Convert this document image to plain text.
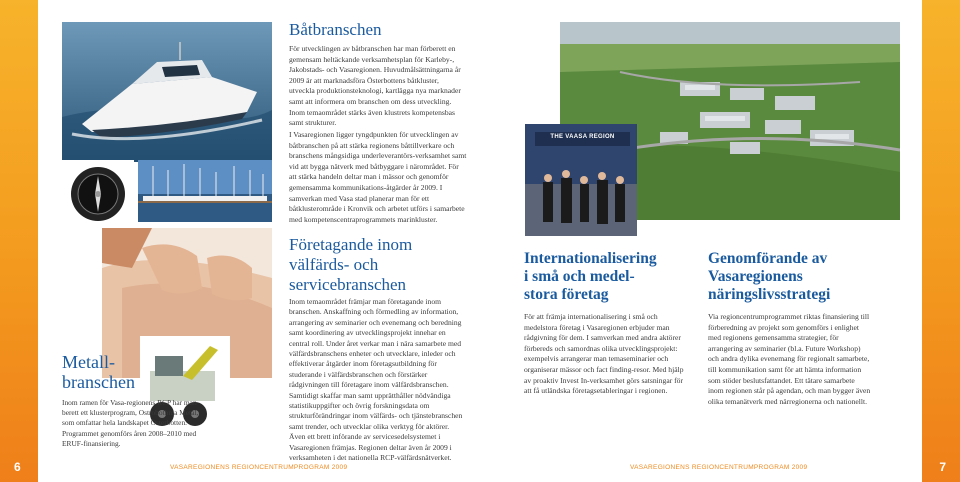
6	7
THE VAASA REGION
Båtbranschen

För utvecklingen av båtbranschen har man förberett en gemensam heltäckande verksamhetsplan för Karleby-, Jakobstads- och Vasaregionen. Huvudmålsättningarna år 2009 är att marknadsföra Österbottens båtkluster, utveckla produktionsteknologi, kartlägga nya marknader samt att informera om branschen om dess utveckling. Inom temaområdet stärks även klustrets kompetensbas samt strukturer.

I Vasaregionen ligger tyngdpunkten för utvecklingen av båtbranschen på att stärka regionens båttillverkare och branschens mångsidiga underleverantörs-verksamhet samt vid att bygga nätverk med båtbyggare i närområdet. För att stärka handeln deltar man i mässor och genomför gemensamma kommunikations-åtgärder år 2009. I samverkan med Vasa stad planerar man för ett båtklusterområde i Kronvik och arbetet utförs i samarbete med kompetenscentraprogrammets marinkluster.

Metall-
branschen

Inom ramen för Vasa-regionens RCP har man berett ett klusterprogram, Ostrobothnia Metal, som omfattar hela landskapet Österbotten. Programmet genomförs åren 2008–2010 med ERUF-finansiering.

Företagande inom
välfärds- och
servicebranschen

Inom temaområdet främjar man företagande inom branschen. Anskaffning och förmedling av information, arrangering av seminarier och evenemang och beredning samt koordinering av utvecklingsprojekt innehar en central roll. Under året verkar man i nära samarbete med välfärdsbranschens enheter och utvecklare, inleder och effektiverar åtgärder inom företagsutbildning för studerande i välfärdsbranschen och förstärker rådgivningen till företagare inom välfärdsbranschen. Samtidigt skaffar man samt upprätthåller nödvändiga statistikuppgifter och övrig forskningsdata om strukturförändringar inom välfärds- och tjänstebranschen samt trender, och utvecklar olika verktyg för aktörer. Även ett brett införande av servicesedelsystemet i Vasaregionen främjas. Regionen deltar även år 2009 i verksamheten i det nationella RCP-välfärdsnätverket.

Internationalisering
i små och medel-
stora företag

För att främja internationalisering i små och medelstora företag i Vasaregionen erbjuder man rådgivning för dem. I samverkan med andra aktörer förbereds och samordnas olika utvecklingsprojekt: exempelvis arrangerar man temaseminarier och organiserar mässor och fact finding-resor. Med hjälp av proaktiv Invest In-verksamhet görs satsningar för att få utländska företagsetableringar i regionen.

Genomförande av
Vasaregionens
näringslivsstrategi

Via regioncentrumprogrammet riktas finansiering till förberedning av projekt som genomförs i enlighet med regionens gemensamma strategier, för arrangering av seminarier (bl.a. Future Workshop) och andra dylika evenemang för regionalt samarbete, till kommunikation samt för att hämta information som stöder beslutsfattandet. Ett tätare samarbete inom regionen står på agendan, och man bygger även olika temanätverk med närregionerna och nationellt.

VASAREGIONENS REGIONCENTRUMPROGRAM 2009	VASAREGIONENS REGIONCENTRUMPROGRAM 2009
